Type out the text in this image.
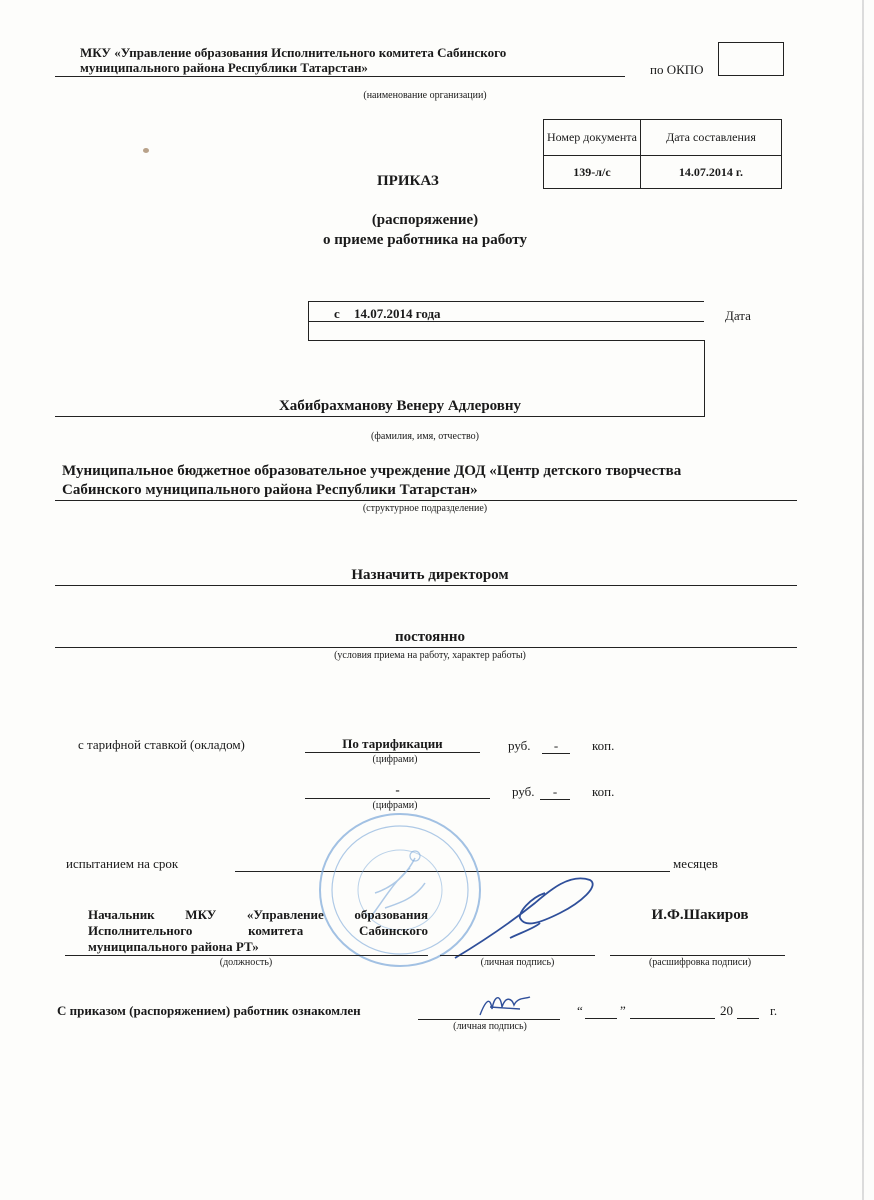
МКУ «Управление образования Исполнительного комитета Сабинского
муниципального района Республики Татарстан»
(наименование организации)
по ОКПО
Номер документа	Дата составления
139-л/с	14.07.2014 г.
ПРИКАЗ
(распоряжение)
о приеме работника на работу
с 14.07.2014 года	Дата
Хабибрахманову Венеру Адлеровну
(фамилия, имя, отчество)
Муниципальное бюджетное образовательное учреждение ДОД «Центр детского творчества
Сабинского муниципального района Республики Татарстан»
(структурное подразделение)
Назначить директором
постоянно
(условия приема на работу, характер работы)
с тарифной ставкой (окладом)	По тарификации
(цифрами)
руб.	-	коп.
-
(цифрами)
руб.	-	коп.
испытанием на срок	месяцев
Начальник МКУ «Управление образования
Исполнительного комитета Сабинского
муниципального района РТ»
(должность)	(личная подпись)
И.Ф.Шакиров
(расшифровка подписи)
С приказом (распоряжением) работник ознакомлен
(личная подпись)
“	”	20	г.
